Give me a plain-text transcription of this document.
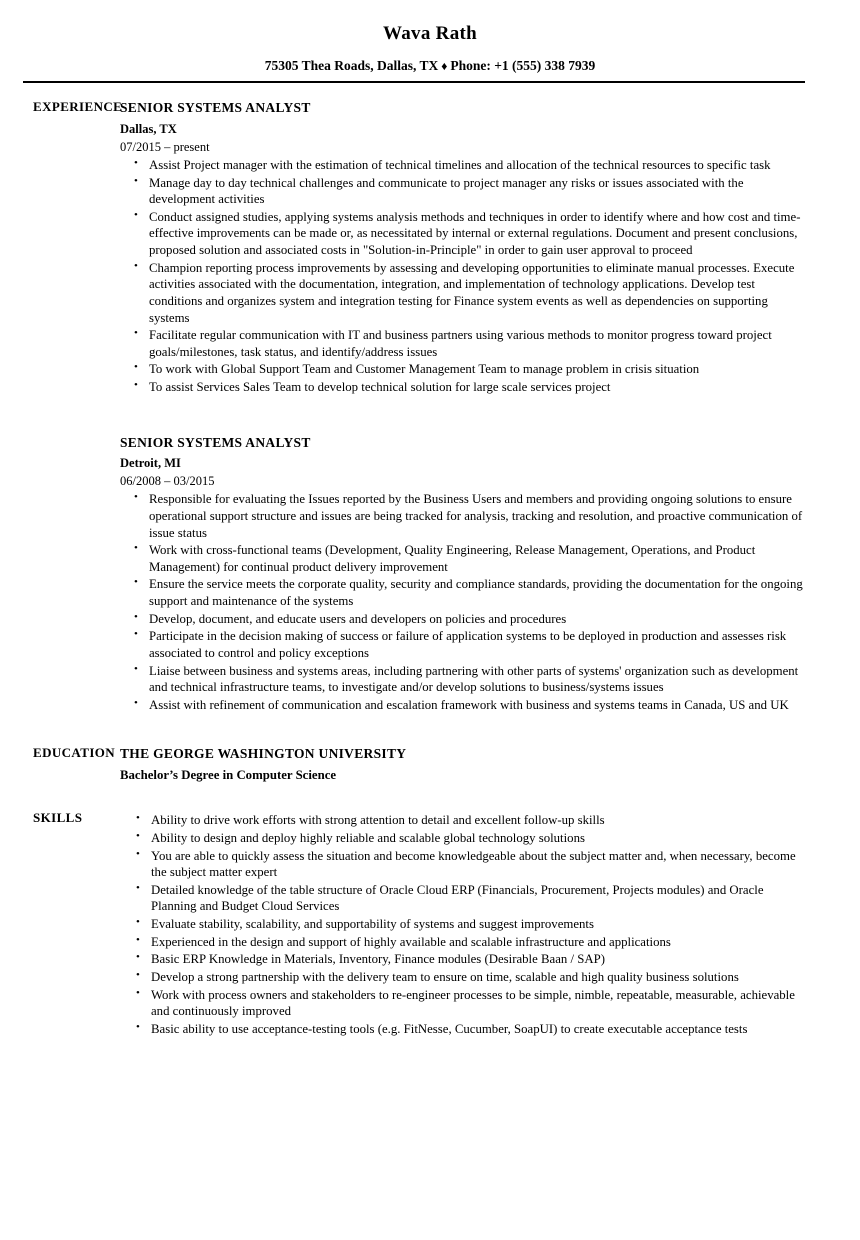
Wava Rath
75305 Thea Roads, Dallas, TX ♦ Phone: +1 (555) 338 7939
EXPERIENCE
SENIOR SYSTEMS ANALYST
Dallas, TX
07/2015 – present
• Assist Project manager with the estimation of technical timelines and allocation of the technical resources to specific task
• Manage day to day technical challenges and communicate to project manager any risks or issues associated with the development activities
• Conduct assigned studies, applying systems analysis methods and techniques in order to identify where and how cost and time-effective improvements can be made or, as necessitated by internal or external regulations. Document and present conclusions, proposed solution and associated costs in "Solution-in-Principle" in order to gain user approval to proceed
• Champion reporting process improvements by assessing and developing opportunities to eliminate manual processes. Execute activities associated with the documentation, integration, and implementation of technology applications. Develop test conditions and organizes system and integration testing for Finance system events as well as dependencies on supporting systems
• Facilitate regular communication with IT and business partners using various methods to monitor progress toward project goals/milestones, task status, and identify/address issues
• To work with Global Support Team and Customer Management Team to manage problem in crisis situation
• To assist Services Sales Team to develop technical solution for large scale services project
SENIOR SYSTEMS ANALYST
Detroit, MI
06/2008 – 03/2015
• Responsible for evaluating the Issues reported by the Business Users and members and providing ongoing solutions to ensure operational support structure and issues are being tracked for analysis, tracking and resolution, and proactive communication of issue status
• Work with cross-functional teams (Development, Quality Engineering, Release Management, Operations, and Product Management) for continual product delivery improvement
• Ensure the service meets the corporate quality, security and compliance standards, providing the documentation for the ongoing support and maintenance of the systems
• Develop, document, and educate users and developers on policies and procedures
• Participate in the decision making of success or failure of application systems to be deployed in production and assesses risk associated to control and policy exceptions
• Liaise between business and systems areas, including partnering with other parts of systems' organization such as development and technical infrastructure teams, to investigate and/or develop solutions to business/systems issues
• Assist with refinement of communication and escalation framework with business and systems teams in Canada, US and UK
EDUCATION THE GEORGE WASHINGTON UNIVERSITY
Bachelor’s Degree in Computer Science
SKILLS	• Ability to drive work efforts with strong attention to detail and excellent follow-up skills
• Ability to design and deploy highly reliable and scalable global technology solutions
• You are able to quickly assess the situation and become knowledgeable about the subject matter and, when necessary, become the subject matter expert
• Detailed knowledge of the table structure of Oracle Cloud ERP (Financials, Procurement, Projects modules) and Oracle Planning and Budget Cloud Services
• Evaluate stability, scalability, and supportability of systems and suggest improvements
• Experienced in the design and support of highly available and scalable infrastructure and applications
• Basic ERP Knowledge in Materials, Inventory, Finance modules (Desirable Baan / SAP)
• Develop a strong partnership with the delivery team to ensure on time, scalable and high quality business solutions
• Work with process owners and stakeholders to re-engineer processes to be simple, nimble, repeatable, measurable, achievable and continuously improved
• Basic ability to use acceptance-testing tools (e.g. FitNesse, Cucumber, SoapUI) to create executable acceptance tests
